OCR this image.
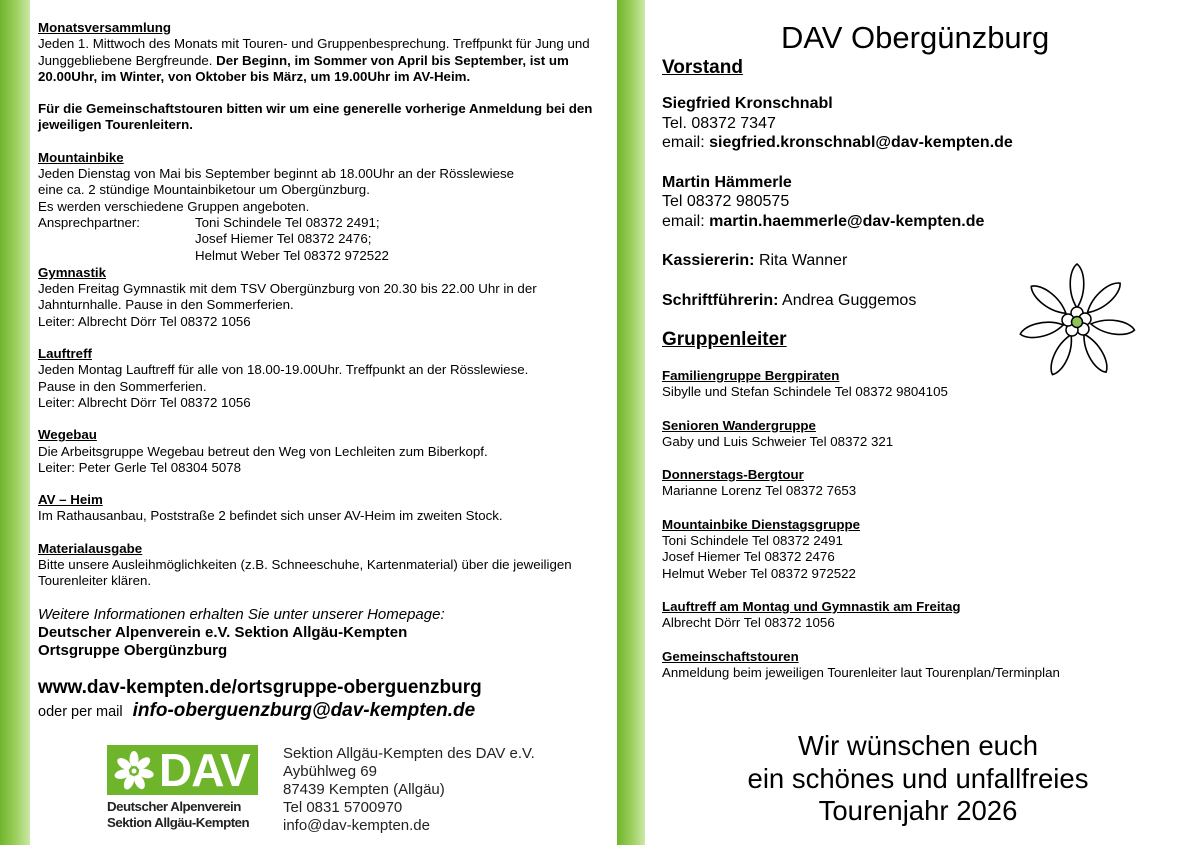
Monatsversammlung
Jeden 1. Mittwoch des Monats mit Touren- und Gruppenbesprechung. Treffpunkt für Jung und Junggebliebene Bergfreunde. Der Beginn, im Sommer von April bis September, ist um 20.00Uhr, im Winter, von Oktober bis März, um 19.00Uhr im AV-Heim.
Für die Gemeinschaftstouren bitten wir um eine generelle vorherige Anmeldung bei den jeweiligen Tourenleitern.
Mountainbike
Jeden Dienstag von Mai bis September beginnt ab 18.00Uhr an der Rösslewiese
eine ca. 2 stündige Mountainbiketour um Obergünzburg.
Es werden verschiedene Gruppen angeboten.
Ansprechpartner:	Toni Schindele Tel 08372 2491;
Josef Hiemer Tel 08372 2476;
Helmut Weber Tel 08372 972522
Gymnastik
Jeden Freitag Gymnastik mit dem TSV Obergünzburg von 20.30 bis 22.00 Uhr in der Jahnturnhalle. Pause in den Sommerferien.
Leiter: Albrecht Dörr Tel 08372 1056
Lauftreff
Jeden Montag Lauftreff für alle von 18.00-19.00Uhr. Treffpunkt an der Rösslewiese.
Pause in den Sommerferien.
Leiter: Albrecht Dörr Tel 08372 1056
Wegebau
Die Arbeitsgruppe Wegebau betreut den Weg von Lechleiten zum Biberkopf.
Leiter: Peter Gerle Tel 08304 5078
AV – Heim
Im Rathausanbau, Poststraße 2 befindet sich unser AV-Heim im zweiten Stock.
Materialausgabe
Bitte unsere Ausleihmöglichkeiten (z.B. Schneeschuhe, Kartenmaterial) über die jeweiligen Tourenleiter klären.
Weitere Informationen erhalten Sie unter unserer Homepage:
Deutscher Alpenverein e.V. Sektion Allgäu-Kempten
Ortsgruppe Obergünzburg
www.dav-kempten.de/ortsgruppe-oberguenzburg
oder per mail info-oberguenzburg@dav-kempten.de
DAV
Deutscher Alpenverein
Sektion Allgäu-Kempten
Sektion Allgäu-Kempten des DAV e.V.
Aybühlweg 69
87439 Kempten (Allgäu)
Tel 0831 5700970
info@dav-kempten.de
DAV Obergünzburg
Vorstand
Siegfried Kronschnabl
Tel. 08372 7347
email: siegfried.kronschnabl@dav-kempten.de
Martin Hämmerle
Tel 08372 980575
email: martin.haemmerle@dav-kempten.de
Kassiererin: Rita Wanner
Schriftführerin: Andrea Guggemos
Gruppenleiter
Familiengruppe Bergpiraten
Sibylle und Stefan Schindele Tel 08372 9804105
Senioren Wandergruppe
Gaby und Luis Schweier Tel 08372 321
Donnerstags-Bergtour
Marianne Lorenz Tel 08372 7653
Mountainbike Dienstagsgruppe
Toni Schindele Tel 08372 2491
Josef Hiemer Tel 08372 2476
Helmut Weber Tel 08372 972522
Lauftreff am Montag und Gymnastik am Freitag
Albrecht Dörr Tel 08372 1056
Gemeinschaftstouren
Anmeldung beim jeweiligen Tourenleiter laut Tourenplan/Terminplan
Wir wünschen euch
ein schönes und unfallfreies
Tourenjahr 2026
